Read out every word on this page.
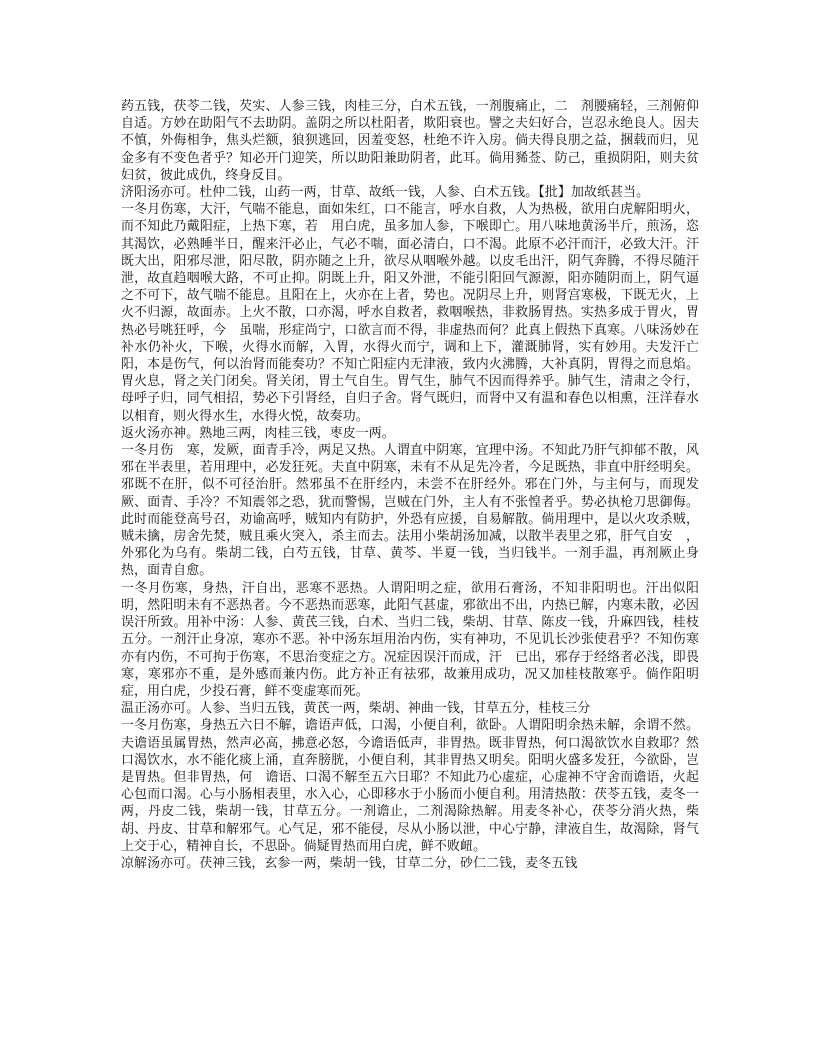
药五钱，茯苓二钱，芡实、人参三钱，肉桂三分，白术五钱，一剂腹痛止，二　剂腰痛轻，三剂俯仰自适。方妙在助阳气不去助阴。盖阴之所以杜阳者，欺阳衰也。譬之夫妇好合，岂忍永绝良人。因夫不慎，外侮相争，焦头烂额，狼狈逃回，因羞变怒，杜绝不许入房。倘夫得良朋之益，捆载而归，见金多有不变色者乎？知必开门迎笑，所以助阳兼助阴者，此耳。倘用豨莶、防己，重损阴阳，则夫贫妇贫，彼此成仇，终身反目。

济阳汤亦可。杜仲二钱，山药一两，甘草、故纸一钱，人参、白术五钱。【批】加故纸甚当。

一冬月伤寒，大汗，气喘不能息，面如朱红，口不能言，呼水自救，人为热极，欲用白虎解阳明火，而不知此乃戴阳症，上热下寒，若　用白虎，虽多加人参，下喉即亡。用八味地黄汤半斤，煎汤，恣其渴饮，必熟睡半日，醒来汗必止，气必不喘，面必清白，口不渴。此原不必汗而汗，必致大汗。汗既大出，阳邪尽泄，阳尽散，阴亦随之上升，欲尽从咽喉外越。以皮毛出汗，阴气奔腾，不得尽随汗泄，故直趋咽喉大路，不可止抑。阴既上升，阳又外泄，不能引阳回气源源，阳亦随阴而上，阴气逼之不可下，故气喘不能息。且阳在上，火亦在上者，势也。况阴尽上升，则肾宫寒极，下既无火，上火不归源，故面赤。上火不散，口亦渴，呼水自救者，救咽喉热，非救肠胃热。实热多成于胃火，胃热必号咷狂呼，今　虽喘，形症尚宁，口欲言而不得，非虚热而何？此真上假热下真寒。八味汤妙在补水仍补火，下喉，火得水而解，入胃，水得火而宁，调和上下，灌溉肺肾，实有妙用。夫发汗亡阳，本是伤气，何以治肾而能奏功？不知亡阳症内无津液，致内火沸腾，大补真阴，胃得之而息焰。胃火息，肾之关门闭矣。肾关闭，胃土气自生。胃气生，肺气不因而得养乎。肺气生，清肃之令行，母呼子归，同气相招，势必下引肾经，自归子舍。肾气既归，而肾中又有温和春色以相熏，汪洋春水以相育，则火得水生，水得火悦，故奏功。

返火汤亦神。熟地三两，肉桂三钱，枣皮一两。

一冬月伤　寒，发厥，面青手冷，两足又热。人谓直中阴寒，宜理中汤。不知此乃肝气抑郁不散，风邪在半表里，若用理中，必发狂死。夫直中阴寒，未有不从足先冷者，今足既热，非直中肝经明矣。邪既不在肝，似不可径治肝。然邪虽不在肝经内，未尝不在肝经外。邪在门外，与主何与，而现发厥、面青、手冷？不知震邻之恐，犹而警惕，岂贼在门外，主人有不张惶者乎。势必执枪刀思御侮。此时而能登高号召，劝谕高呼，贼知内有防护，外恐有应援，自易解散。倘用理中，是以火攻杀贼，贼未擒，房舍先焚，贼且乘火突入，杀主而去。法用小柴胡汤加减，以散半表里之邪，肝气自安　，外邪化为乌有。柴胡二钱，白芍五钱，甘草、黄芩、半夏一钱，当归钱半。一剂手温，再剂厥止身热，面青自愈。

一冬月伤寒，身热，汗自出，恶寒不恶热。人谓阳明之症，欲用石膏汤，不知非阳明也。汗出似阳明，然阳明未有不恶热者。今不恶热而恶寒，此阳气甚虚，邪欲出不出，内热已解，内寒未散，必因误汗所致。用补中汤：人参、黄芪三钱，白术、当归二钱，柴胡、甘草、陈皮一钱，升麻四钱，桂枝五分。一剂汗止身凉，寒亦不恶。补中汤东垣用治内伤，实有神功，不见讥长沙张使君乎？不知伤寒亦有内伤，不可拘于伤寒，不思治变症之方。况症因误汗而成，汗　已出，邪存于经络者必浅，即畏寒，寒邪亦不重，是外感而兼内伤。此方补正有祛邪，故兼用成功，况又加桂枝散寒乎。倘作阳明症，用白虎，少投石膏，鲜不变虚寒而死。

温正汤亦可。人参、当归五钱，黄芪一两，柴胡、神曲一钱，甘草五分，桂枝三分

一冬月伤寒，身热五六日不解，谵语声低，口渴，小便自利，欲卧。人谓阳明余热未解，余谓不然。夫谵语虽属胃热，然声必高，拂意必怒，今谵语低声，非胃热。既非胃热，何口渴欲饮水自救耶？然口渴饮水，水不能化痰上涌，直奔膀胱，小便自利，其非胃热又明矣。阳明火盛多发狂，今欲卧，岂是胃热。但非胃热，何　谵语、口渴不解至五六日耶？不知此乃心虚症，心虚神不守舍而谵语，火起心包而口渴。心与小肠相表里，水入心，心即移水于小肠而小便自利。用清热散：茯苓五钱，麦冬一两，丹皮二钱，柴胡一钱，甘草五分。一剂谵止，二剂渴除热解。用麦冬补心，茯苓分消火热，柴胡、丹皮、甘草和解邪气。心气足，邪不能侵，尽从小肠以泄，中心宁静，津液自生，故渴除，肾气上交于心，精神自长，不思卧。倘疑胃热而用白虎，鲜不败衄。

凉解汤亦可。茯神三钱，玄参一两，柴胡一钱，甘草二分，砂仁二钱，麦冬五钱
